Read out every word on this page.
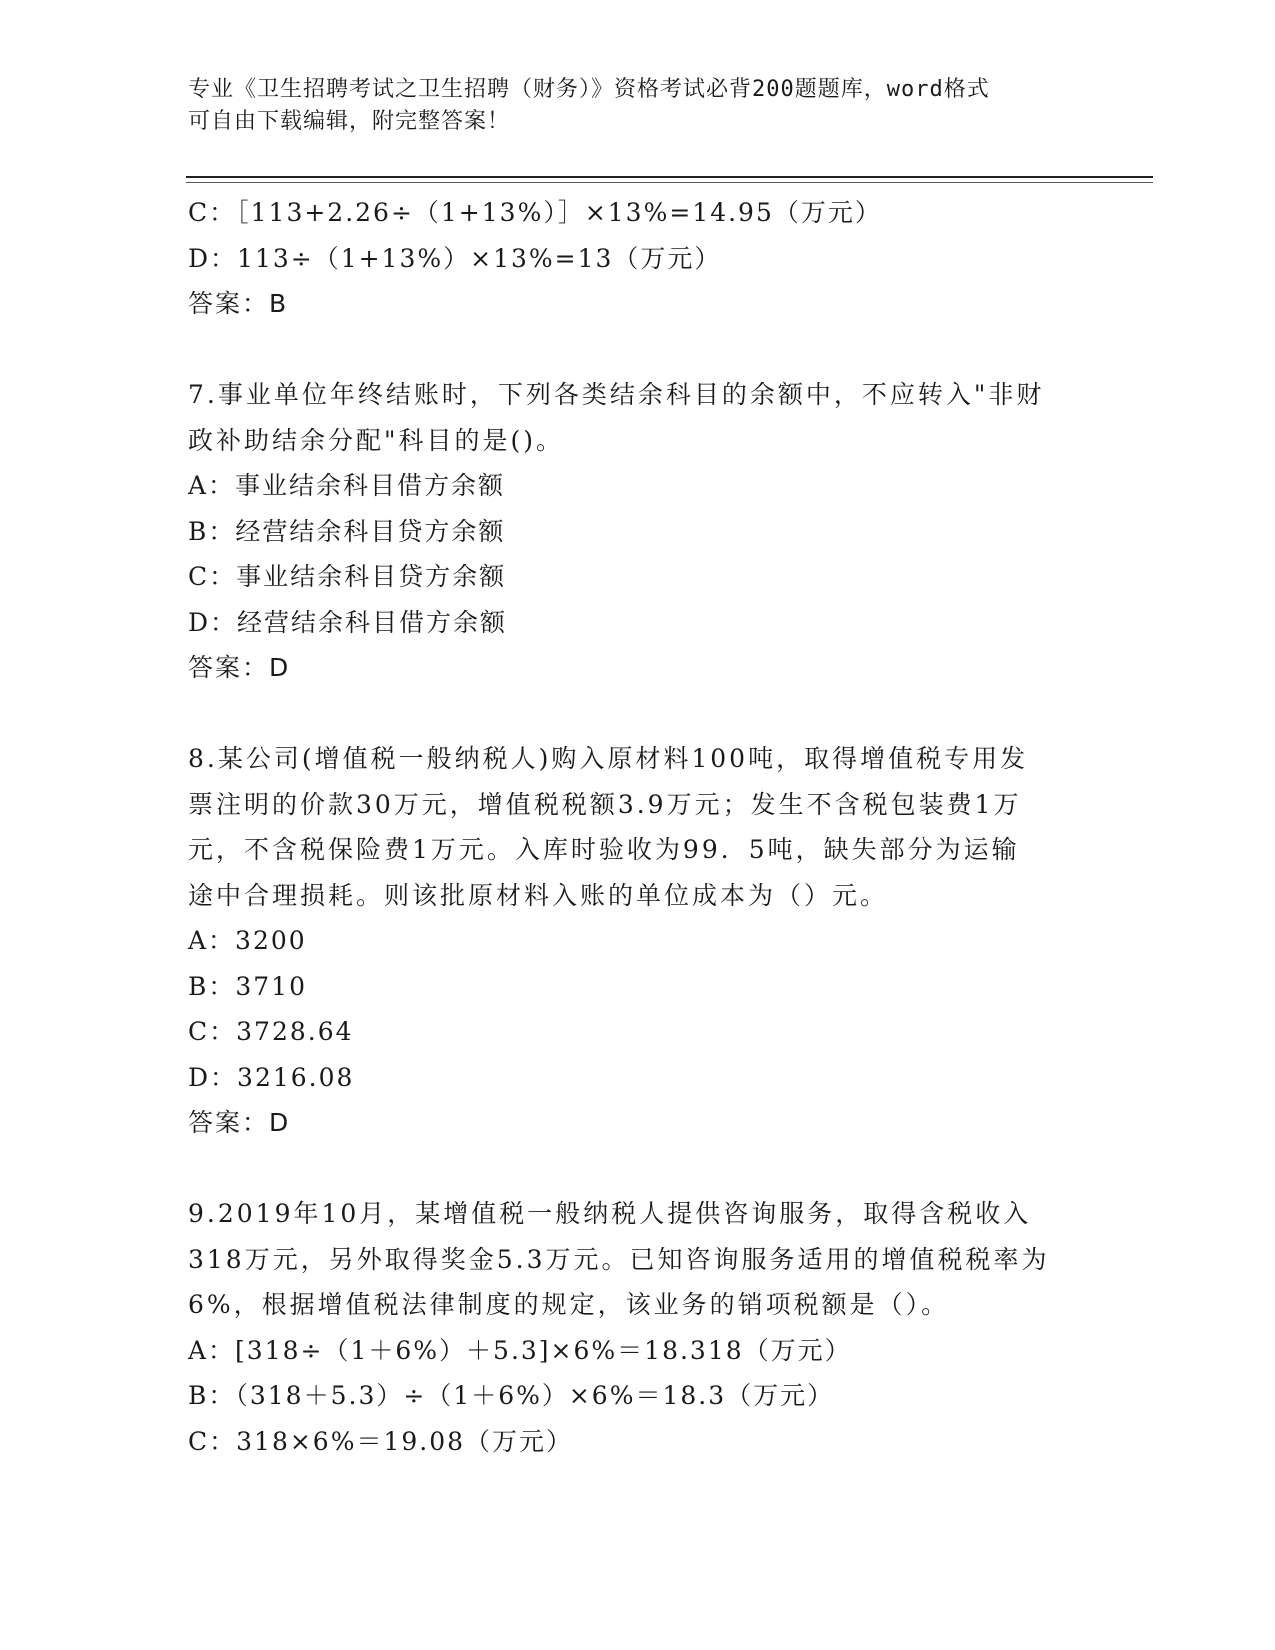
专业《卫生招聘考试之卫生招聘（财务）》资格考试必背200题题库，word格式
可自由下载编辑，附完整答案！
C：［113+2.26÷（1+13%）］×13%=14.95（万元）
D：113÷（1+13%）×13%=13（万元）
答案：B
7.事业单位年终结账时，下列各类结余科目的余额中，不应转入"非财
政补助结余分配"科目的是()。
A：事业结余科目借方余额
B：经营结余科目贷方余额
C：事业结余科目贷方余额
D：经营结余科目借方余额
答案：D
8.某公司(增值税一般纳税人)购入原材料100吨，取得增值税专用发
票注明的价款30万元，增值税税额3.9万元；发生不含税包装费1万
元，不含税保险费1万元。入库时验收为99．5吨，缺失部分为运输
途中合理损耗。则该批原材料入账的单位成本为（）元。
A：3200
B：3710
C：3728.64
D：3216.08
答案：D
9.2019年10月，某增值税一般纳税人提供咨询服务，取得含税收入
318万元，另外取得奖金5.3万元。已知咨询服务适用的增值税税率为
6%，根据增值税法律制度的规定，该业务的销项税额是（）。
A：[318÷（1＋6%）＋5.3]×6%＝18.318（万元）
B：（318＋5.3）÷（1＋6%）×6%＝18.3（万元）
C：318×6%＝19.08（万元）
